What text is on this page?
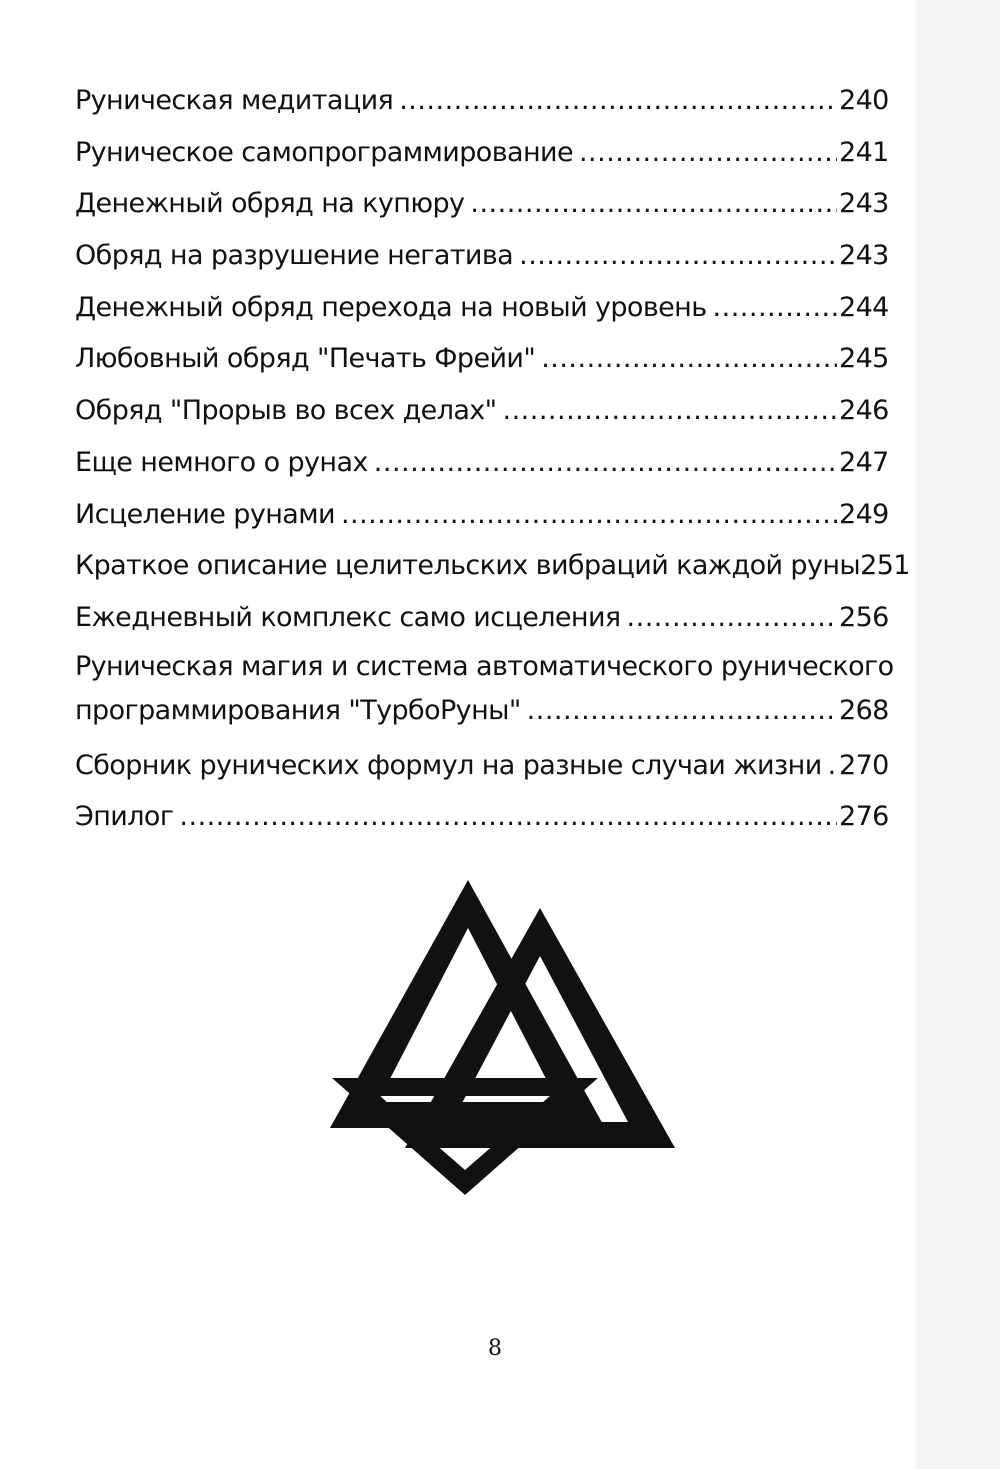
Руническая медитация .....	240
Руническое самопрограммирование .....	241
Денежный обряд на купюру .....	243
Обряд на разрушение негатива .....	243
Денежный обряд перехода на новый уровень .....	244
Любовный обряд "Печать Фрейи" .....	245
Обряд "Прорыв во всех делах" .....	246
Еще немного о рунах .....	247
Исцеление рунами .....	249
Краткое описание целительских вибраций каждой руны 251
Ежедневный комплекс само исцеления .....	256
Руническая магия и система автоматического рунического
программирования "ТурбоРуны" .....	268
Сборник рунических формул на разные случаи жизни ..... 270
Эпилог .....	276
8
